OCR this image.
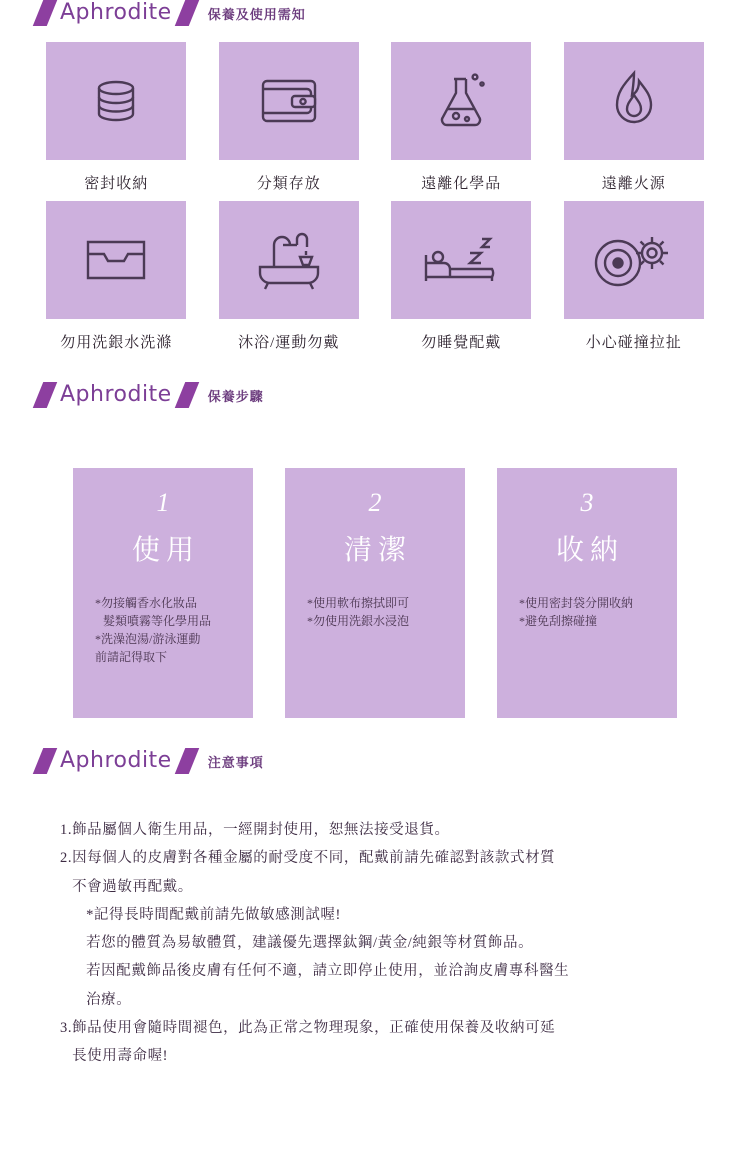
Aphrodite	保養及使用需知
密封收納	分類存放	遠離化學品	遠離火源
勿用洗銀水洗滌	沐浴/運動勿戴	勿睡覺配戴	小心碰撞拉扯
Aphrodite	保養步驟
1
使用
*勿接觸香水化妝品
髮類噴霧等化學用品
*洗澡泡湯/游泳運動
前請記得取下
2
清潔
*使用軟布擦拭即可
*勿使用洗銀水浸泡
3
收納
*使用密封袋分開收納
*避免刮擦碰撞
Aphrodite	注意事項
1. 飾品屬個人衛生用品，一經開封使用，恕無法接受退貨。
2. 因每個人的皮膚對各種金屬的耐受度不同，配戴前請先確認對該款式材質
不會過敏再配戴。
*記得長時間配戴前請先做敏感測試喔!
若您的體質為易敏體質，建議優先選擇鈦鋼/黃金/純銀等材質飾品。
若因配戴飾品後皮膚有任何不適，請立即停止使用，並洽詢皮膚專科醫生
治療。
3. 飾品使用會隨時間褪色，此為正常之物理現象，正確使用保養及收納可延
長使用壽命喔!
